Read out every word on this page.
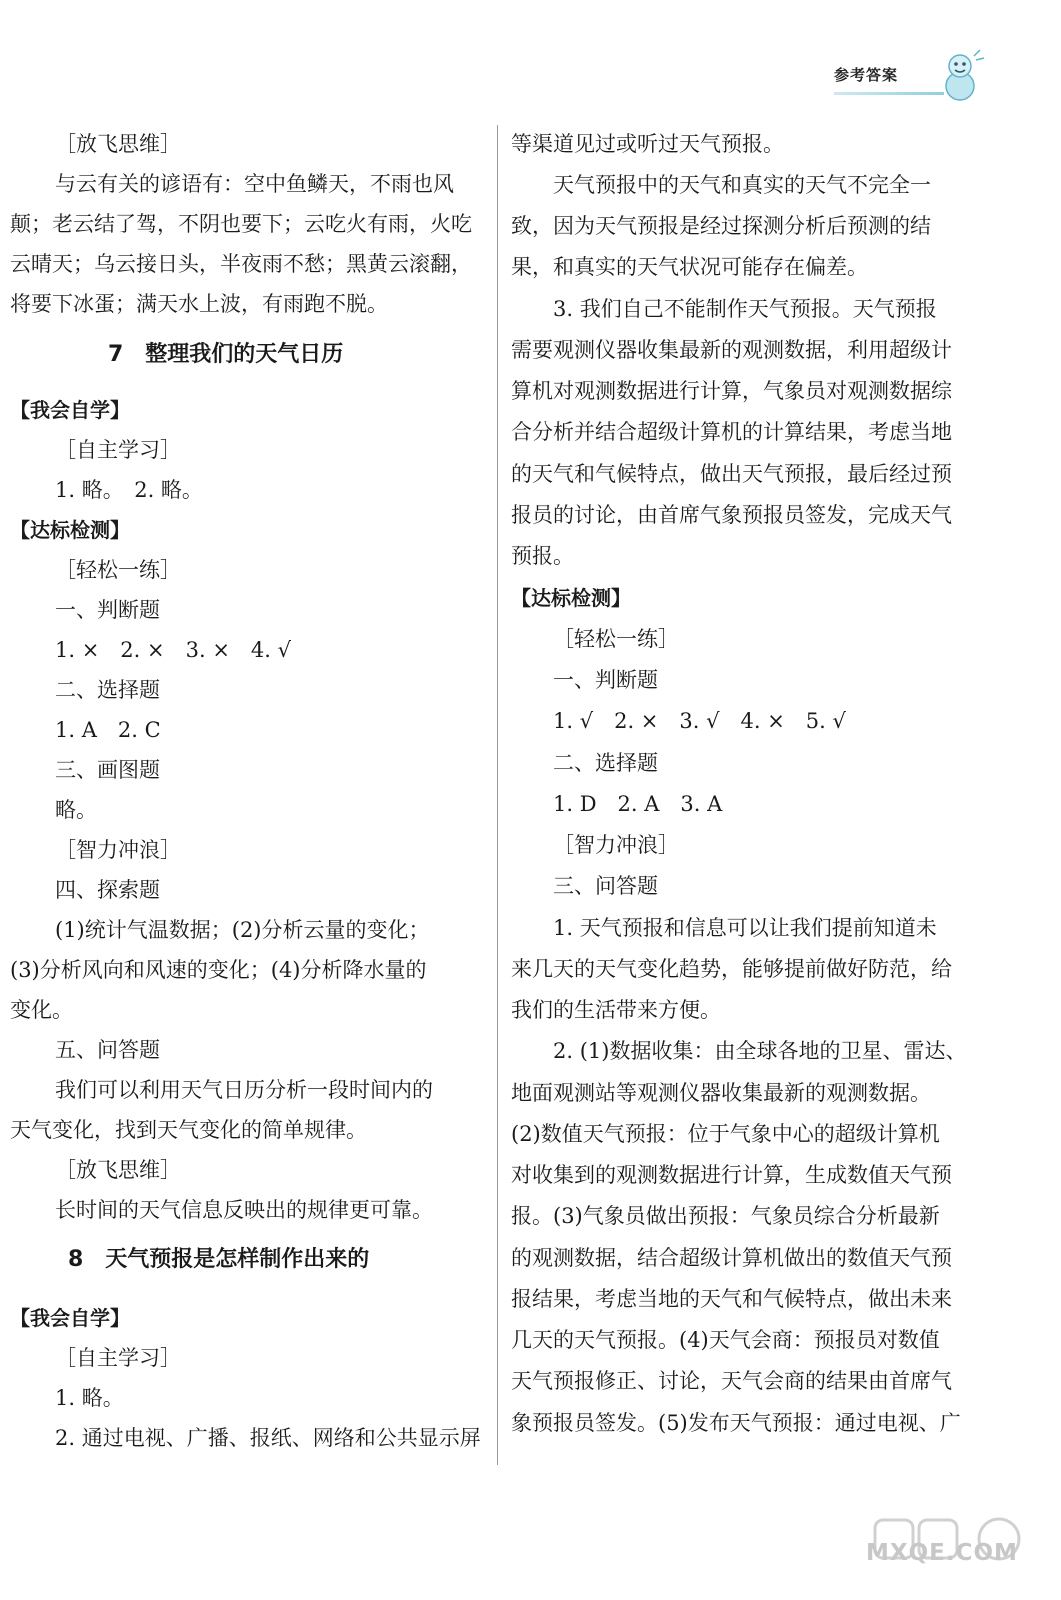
参考答案
［放飞思维］
与云有关的谚语有：空中鱼鳞天，不雨也风
颠；老云结了驾，不阴也要下；云吃火有雨，火吃
云晴天；乌云接日头，半夜雨不愁；黑黄云滚翻，
将要下冰蛋；满天水上波，有雨跑不脱。
7　整理我们的天气日历
【我会自学】
［自主学习］
1. 略。　2. 略。
【达标检测】
［轻松一练］
一、判断题
1. ×　2. ×　3. ×　4. √
二、选择题
1. A　2. C
三、画图题
略。
［智力冲浪］
四、探索题
(1)统计气温数据；(2)分析云量的变化；
(3)分析风向和风速的变化；(4)分析降水量的
变化。
五、问答题
我们可以利用天气日历分析一段时间内的
天气变化，找到天气变化的简单规律。
［放飞思维］
长时间的天气信息反映出的规律更可靠。
8　天气预报是怎样制作出来的
【我会自学】
［自主学习］
1. 略。
2. 通过电视、广播、报纸、网络和公共显示屏
等渠道见过或听过天气预报。
天气预报中的天气和真实的天气不完全一
致，因为天气预报是经过探测分析后预测的结
果，和真实的天气状况可能存在偏差。
3. 我们自己不能制作天气预报。天气预报
需要观测仪器收集最新的观测数据，利用超级计
算机对观测数据进行计算，气象员对观测数据综
合分析并结合超级计算机的计算结果，考虑当地
的天气和气候特点，做出天气预报，最后经过预
报员的讨论，由首席气象预报员签发，完成天气
预报。
【达标检测】
［轻松一练］
一、判断题
1. √　2. ×　3. √　4. ×　5. √
二、选择题
1. D　2. A　3. A
［智力冲浪］
三、问答题
1. 天气预报和信息可以让我们提前知道未
来几天的天气变化趋势，能够提前做好防范，给
我们的生活带来方便。
2. (1)数据收集：由全球各地的卫星、雷达、
地面观测站等观测仪器收集最新的观测数据。
(2)数值天气预报：位于气象中心的超级计算机
对收集到的观测数据进行计算，生成数值天气预
报。(3)气象员做出预报：气象员综合分析最新
的观测数据，结合超级计算机做出的数值天气预
报结果，考虑当地的天气和气候特点，做出未来
几天的天气预报。(4)天气会商：预报员对数值
天气预报修正、讨论，天气会商的结果由首席气
象预报员签发。(5)发布天气预报：通过电视、广
MXQE.COM
